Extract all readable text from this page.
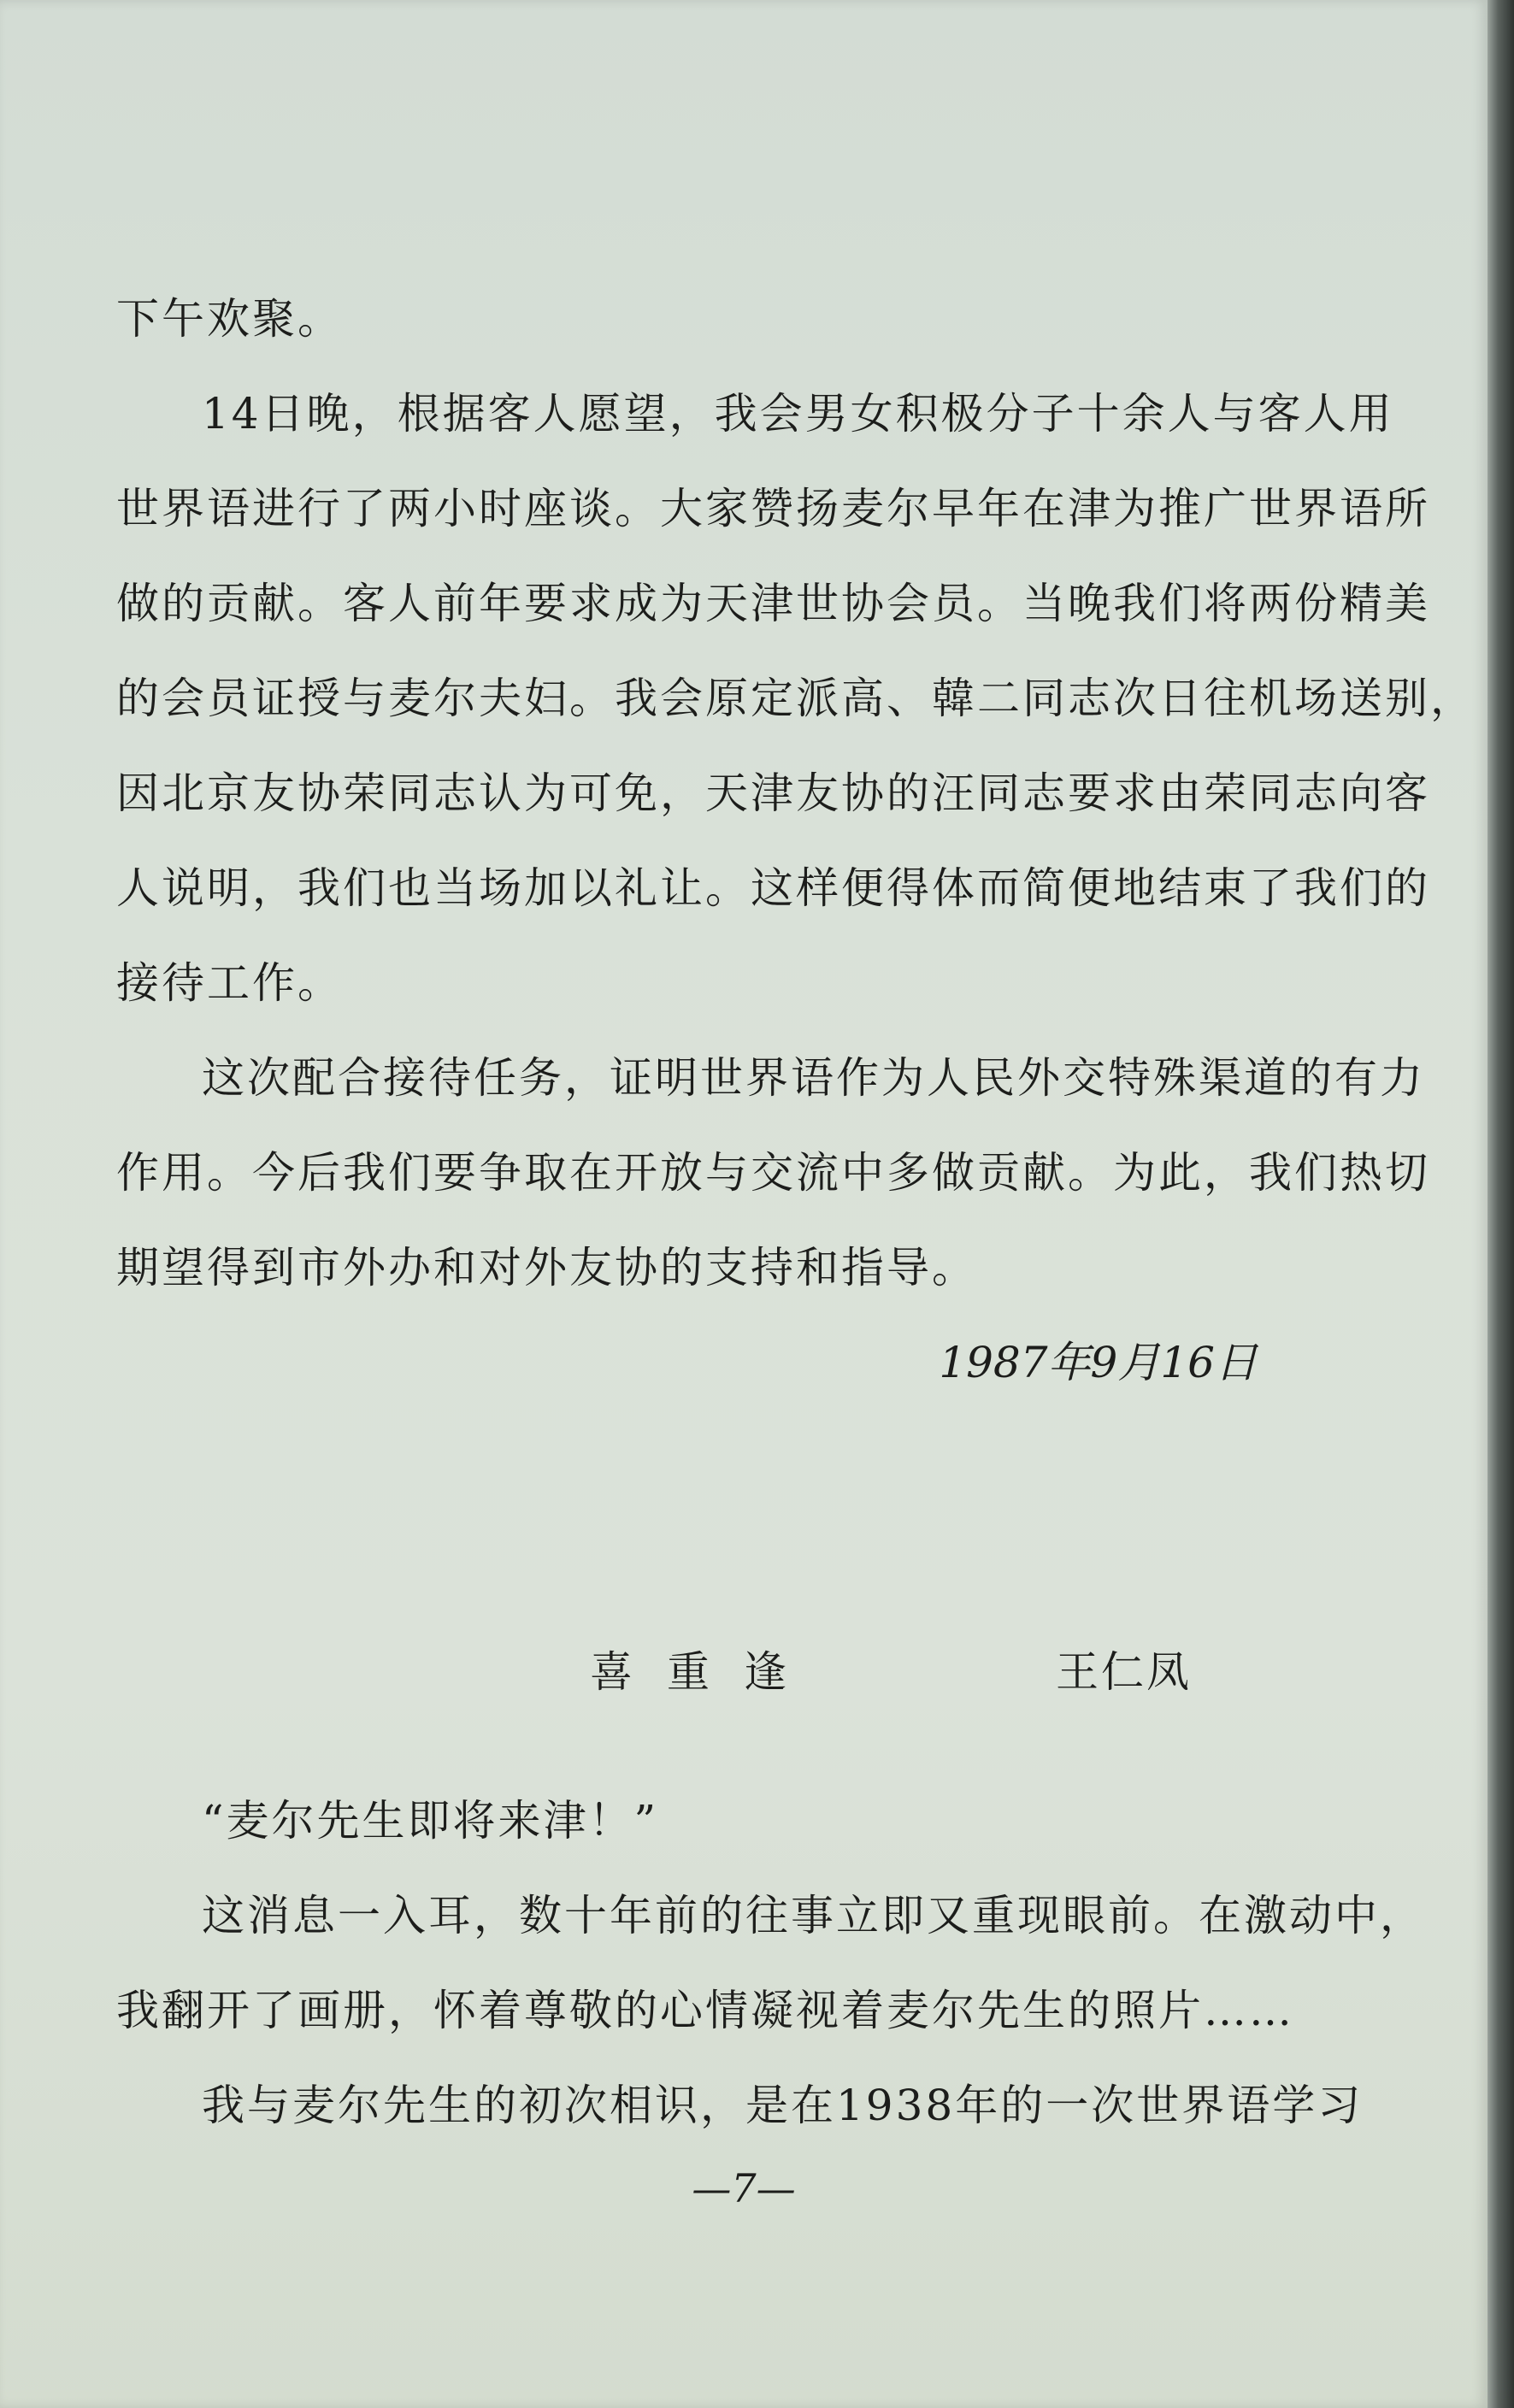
下午欢聚。
14日晚，根据客人愿望，我会男女积极分子十余人与客人用
世界语进行了两小时座谈。大家赞扬麦尔早年在津为推广世界语所
做的贡献。客人前年要求成为天津世协会员。当晚我们将两份精美
的会员证授与麦尔夫妇。我会原定派高、韓二同志次日往机场送别，
因北京友协荣同志认为可免，天津友协的汪同志要求由荣同志向客
人说明，我们也当场加以礼让。这样便得体而简便地结束了我们的
接待工作。
这次配合接待任务，证明世界语作为人民外交特殊渠道的有力
作用。今后我们要争取在开放与交流中多做贡献。为此，我们热切
期望得到市外办和对外友协的支持和指导。
1987年9月16日
喜重逢	王仁凤
“麦尔先生即将来津！”
这消息一入耳，数十年前的往事立即又重现眼前。在激动中，
我翻开了画册，怀着尊敬的心情凝视着麦尔先生的照片……
我与麦尔先生的初次相识，是在1938年的一次世界语学习
—7—
